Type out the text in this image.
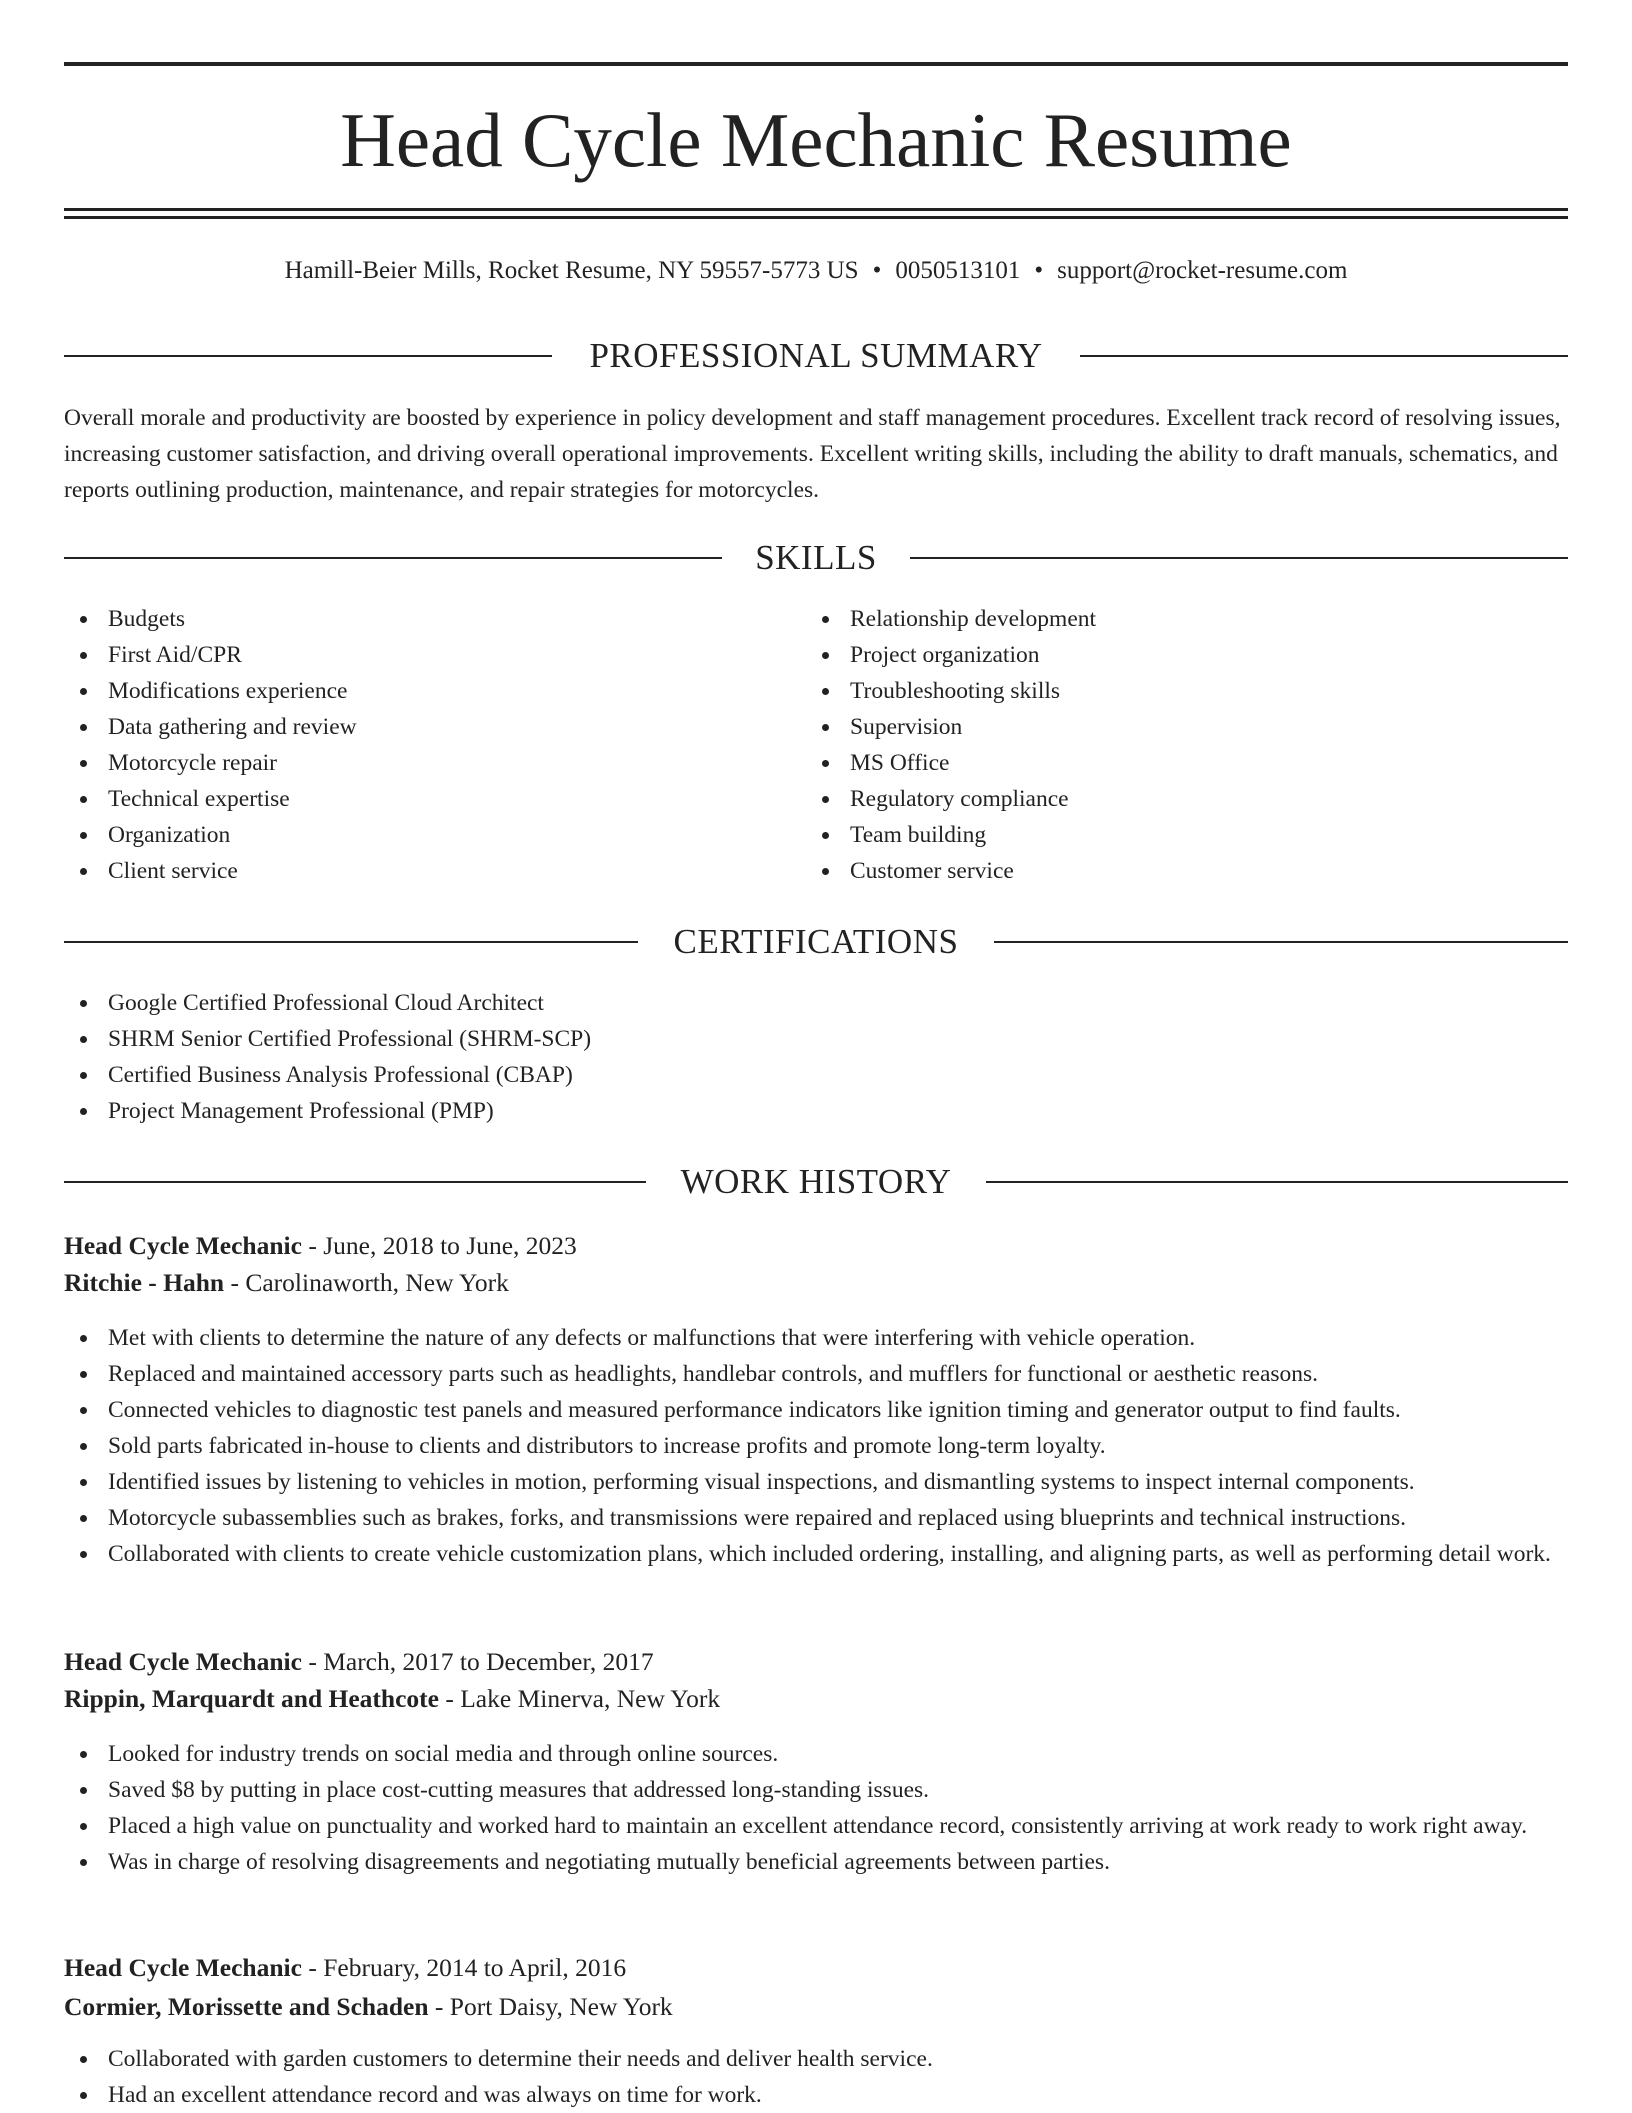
Head Cycle Mechanic Resume
Hamill-Beier Mills, Rocket Resume, NY 59557-5773 US • 0050513101 • support@rocket-resume.com
PROFESSIONAL SUMMARY

Overall morale and productivity are boosted by experience in policy development and staff management procedures. Excellent track record of resolving issues, increasing customer satisfaction, and driving overall operational improvements. Excellent writing skills, including the ability to draft manuals, schematics, and reports outlining production, maintenance, and repair strategies for motorcycles.

SKILLS
Budgets
First Aid/CPR
Modifications experience
Data gathering and review
Motorcycle repair
Technical expertise
Organization
Client service
Relationship development
Project organization
Troubleshooting skills
Supervision
MS Office
Regulatory compliance
Team building
Customer service
CERTIFICATIONS
Google Certified Professional Cloud Architect
SHRM Senior Certified Professional (SHRM-SCP)
Certified Business Analysis Professional (CBAP)
Project Management Professional (PMP)
WORK HISTORY
Head Cycle Mechanic - June, 2018 to June, 2023
Ritchie - Hahn - Carolinaworth, New York
Met with clients to determine the nature of any defects or malfunctions that were interfering with vehicle operation.
Replaced and maintained accessory parts such as headlights, handlebar controls, and mufflers for functional or aesthetic reasons.
Connected vehicles to diagnostic test panels and measured performance indicators like ignition timing and generator output to find faults.
Sold parts fabricated in-house to clients and distributors to increase profits and promote long-term loyalty.
Identified issues by listening to vehicles in motion, performing visual inspections, and dismantling systems to inspect internal components.
Motorcycle subassemblies such as brakes, forks, and transmissions were repaired and replaced using blueprints and technical instructions.
Collaborated with clients to create vehicle customization plans, which included ordering, installing, and aligning parts, as well as performing detail work.
Head Cycle Mechanic - March, 2017 to December, 2017
Rippin, Marquardt and Heathcote - Lake Minerva, New York
Looked for industry trends on social media and through online sources.
Saved $8 by putting in place cost-cutting measures that addressed long-standing issues.
Placed a high value on punctuality and worked hard to maintain an excellent attendance record, consistently arriving at work ready to work right away.
Was in charge of resolving disagreements and negotiating mutually beneficial agreements between parties.
Head Cycle Mechanic - February, 2014 to April, 2016
Cormier, Morissette and Schaden - Port Daisy, New York
Collaborated with garden customers to determine their needs and deliver health service.
Had an excellent attendance record and was always on time for work.
